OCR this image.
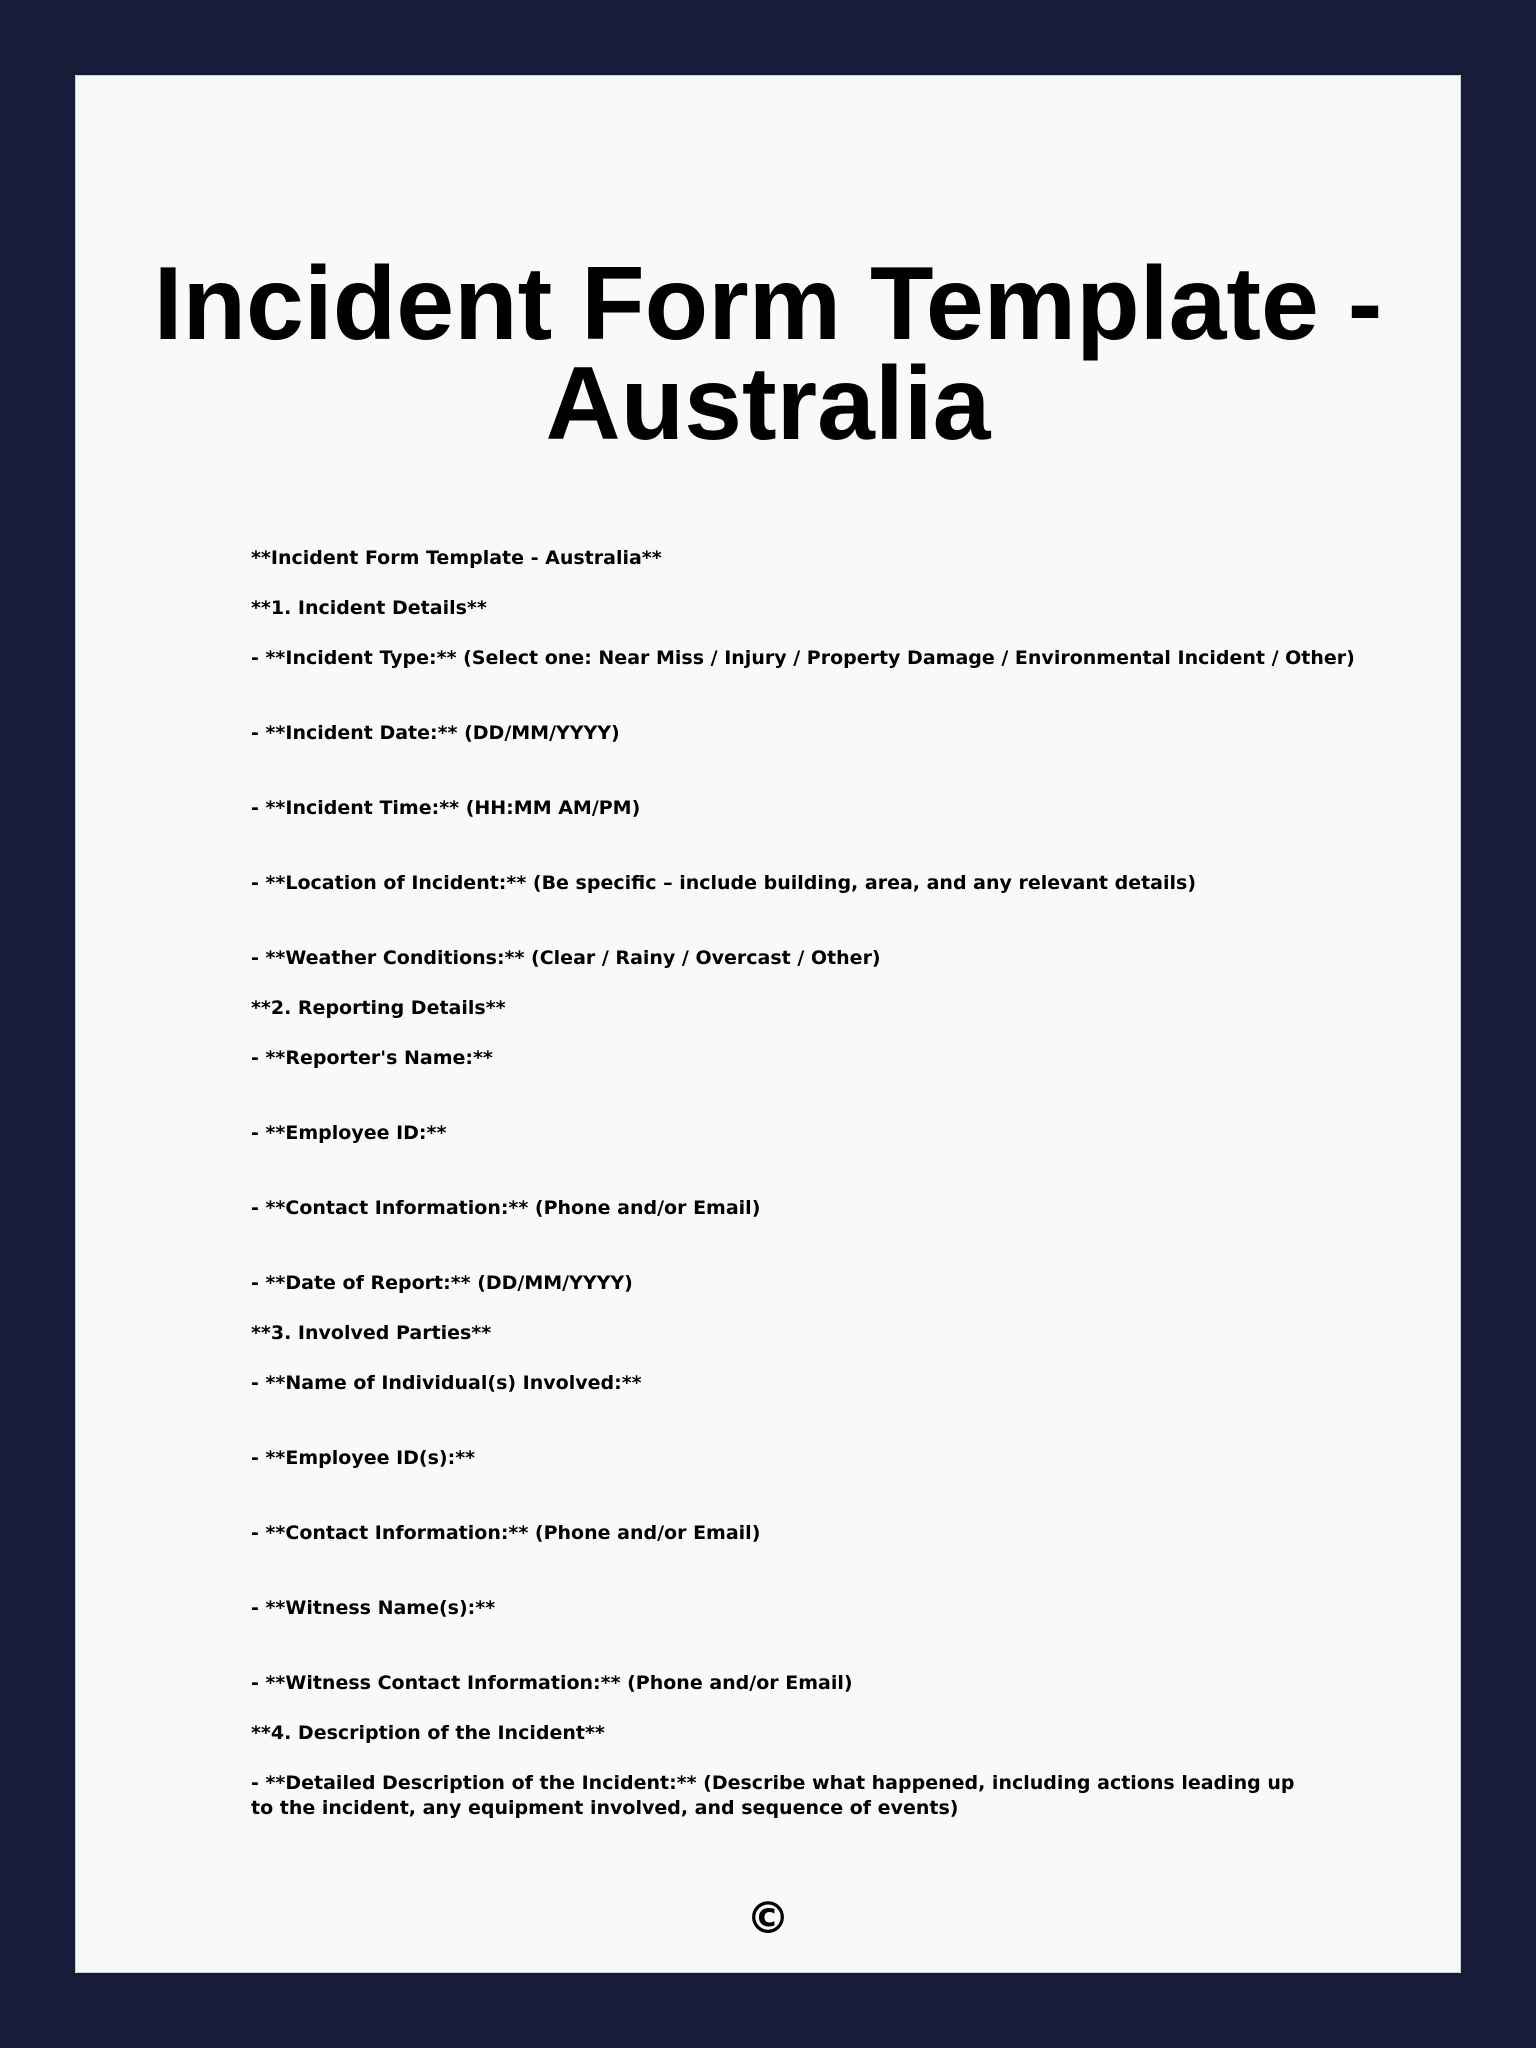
Incident Form Template - Australia
**Incident Form Template - Australia**
**1. Incident Details**
- **Incident Type:** (Select one: Near Miss / Injury / Property Damage / Environmental Incident / Other)
- **Incident Date:** (DD/MM/YYYY)
- **Incident Time:** (HH:MM AM/PM)
- **Location of Incident:** (Be specific – include building, area, and any relevant details)
- **Weather Conditions:** (Clear / Rainy / Overcast / Other)
**2. Reporting Details**
- **Reporter's Name:**
- **Employee ID:**
- **Contact Information:** (Phone and/or Email)
- **Date of Report:** (DD/MM/YYYY)
**3. Involved Parties**
- **Name of Individual(s) Involved:**
- **Employee ID(s):**
- **Contact Information:** (Phone and/or Email)
- **Witness Name(s):**
- **Witness Contact Information:** (Phone and/or Email)
**4. Description of the Incident**
- **Detailed Description of the Incident:** (Describe what happened, including actions leading up to the incident, any equipment involved, and sequence of events)
©
